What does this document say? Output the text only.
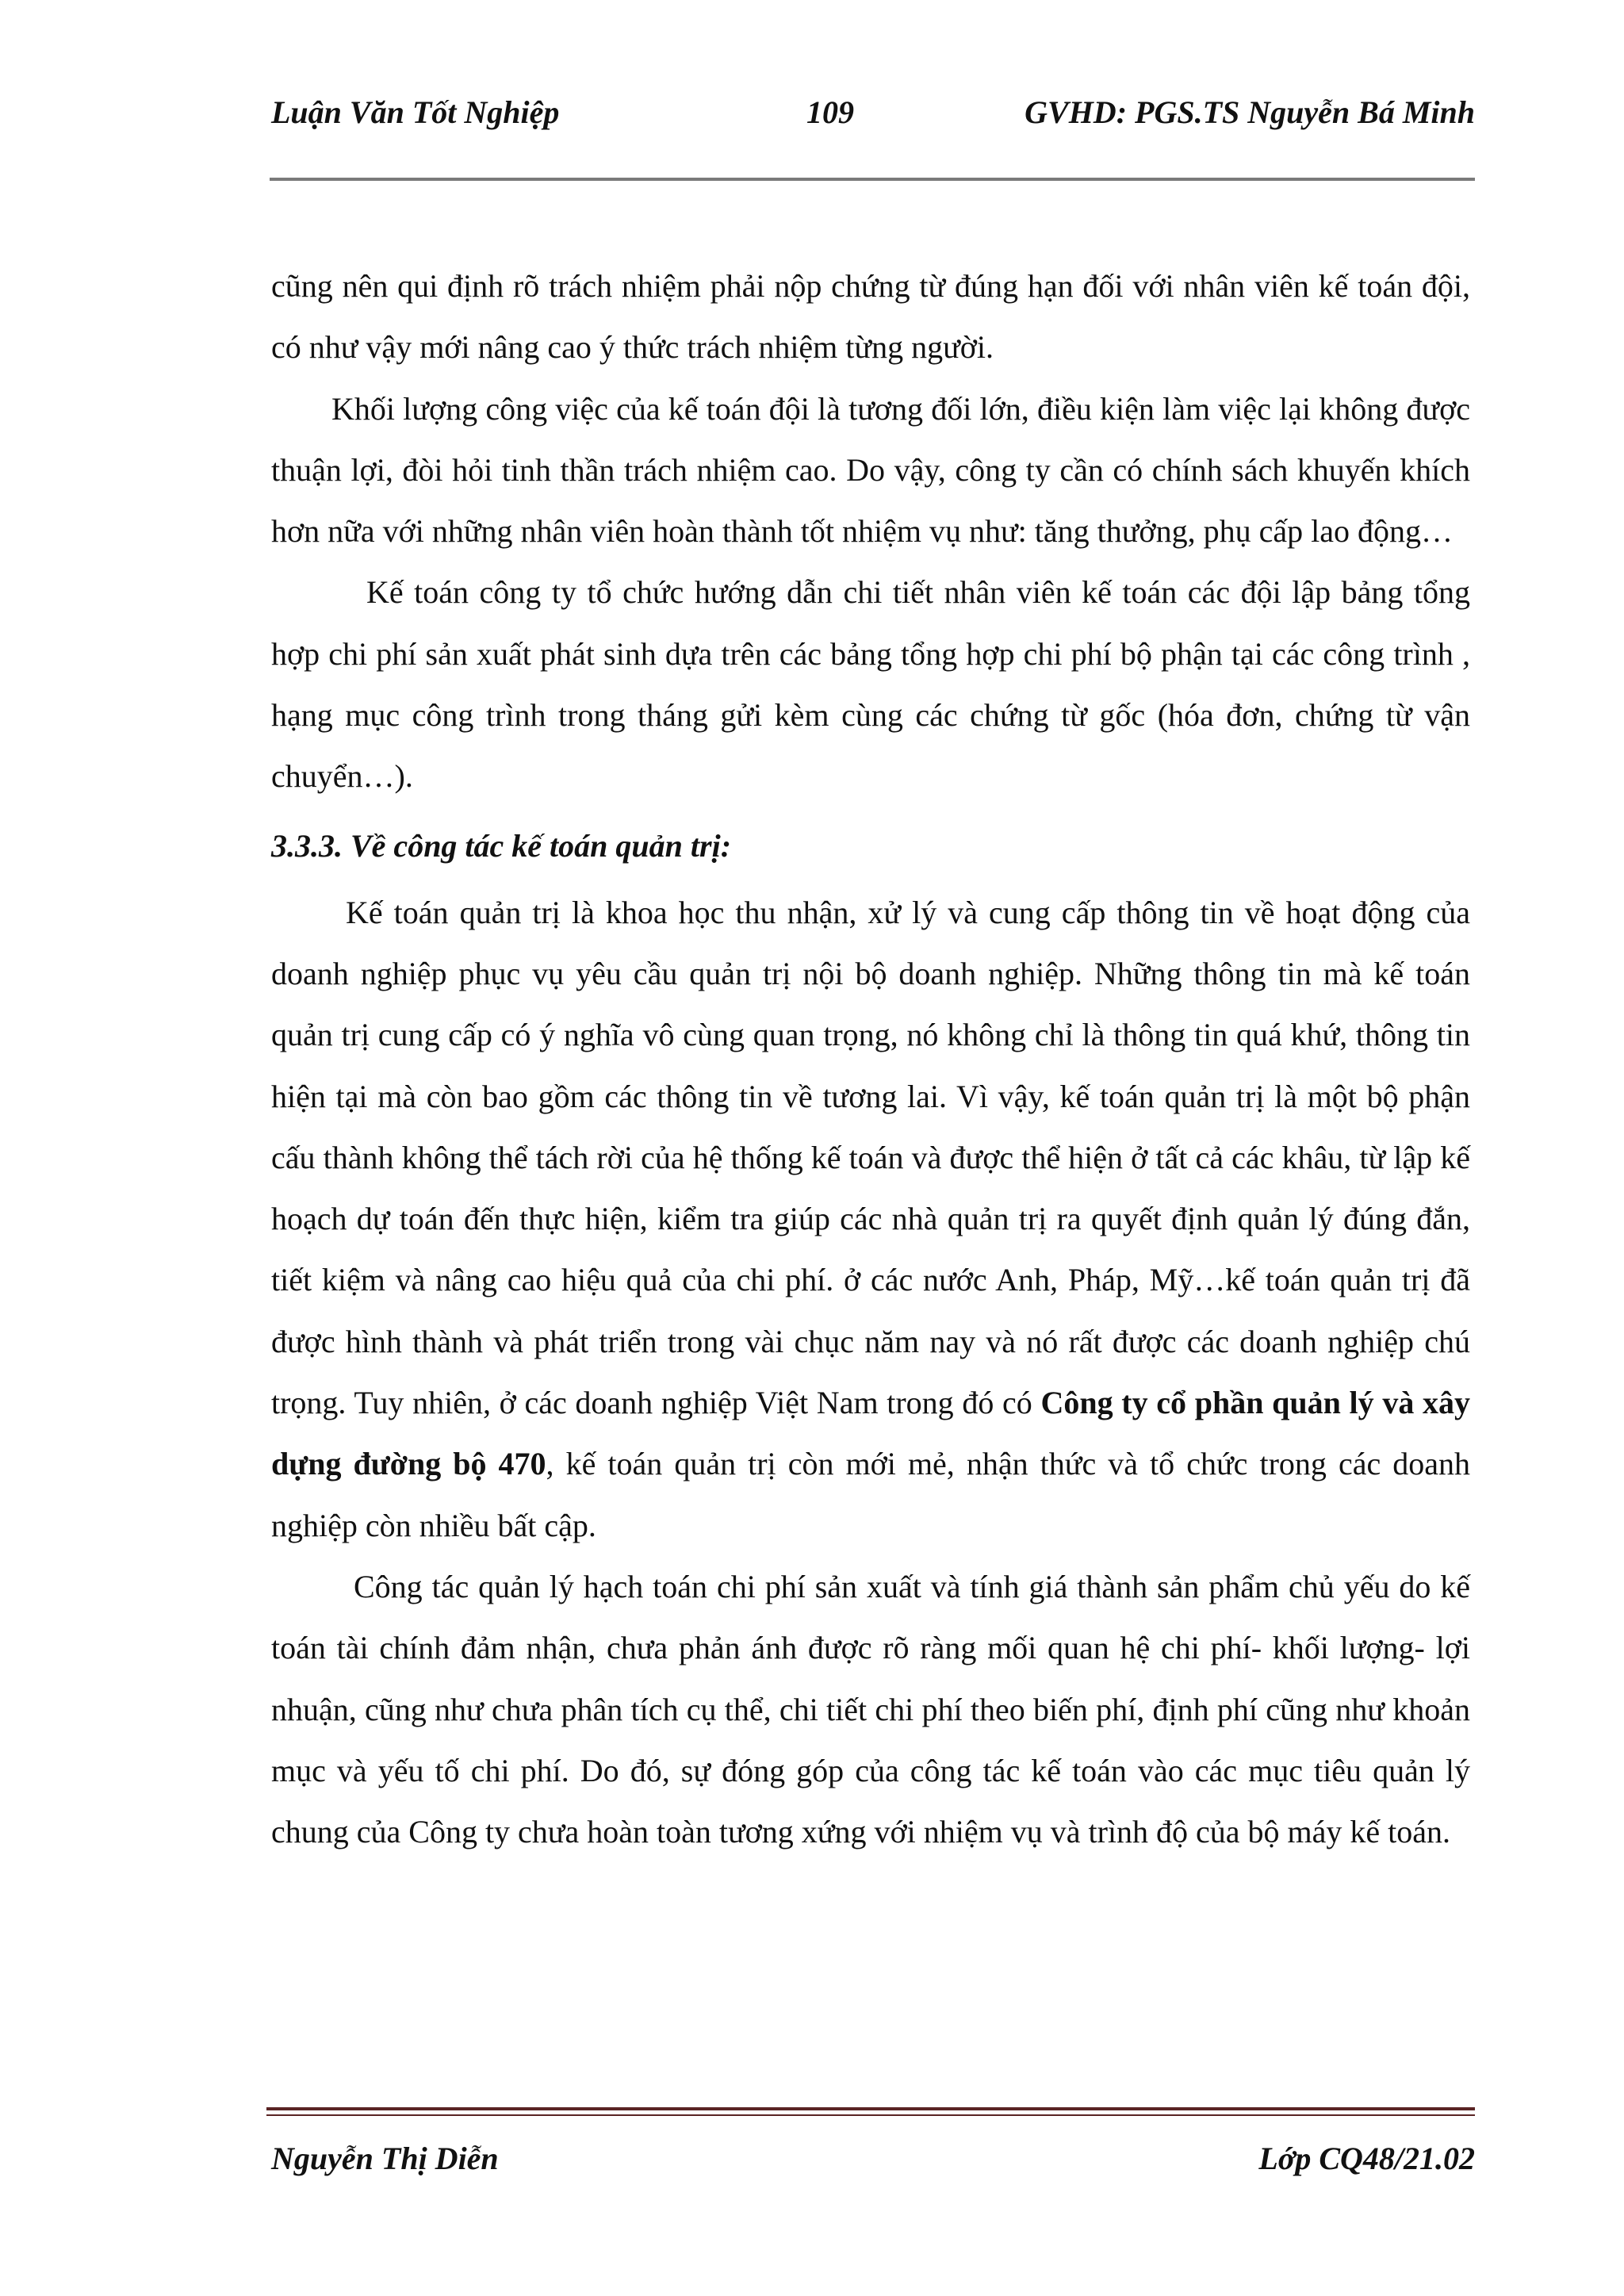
Luận Văn Tốt Nghiệp	109	GVHD: PGS.TS Nguyễn Bá Minh

cũng nên qui định rõ trách nhiệm phải nộp chứng từ đúng hạn đối với nhân viên kế toán đội, có như vậy mới nâng cao ý thức trách nhiệm từng người.

Khối lượng công việc của kế toán đội là tương đối lớn, điều kiện làm việc lại không được thuận lợi, đòi hỏi tinh thần trách nhiệm cao. Do vậy, công ty cần có chính sách khuyến khích hơn nữa với những nhân viên hoàn thành tốt nhiệm vụ như: tăng thưởng, phụ cấp lao động…

Kế toán công ty tổ chức hướng dẫn chi tiết nhân viên kế toán các đội lập bảng tổng hợp chi phí sản xuất phát sinh dựa trên các bảng tổng hợp chi phí bộ phận tại các công trình , hạng mục công trình trong tháng gửi kèm cùng các chứng từ gốc (hóa đơn, chứng từ vận chuyển…).

3.3.3. Về công tác kế toán quản trị:

Kế toán quản trị là khoa học thu nhận, xử lý và cung cấp thông tin về hoạt động của doanh nghiệp phục vụ yêu cầu quản trị nội bộ doanh nghiệp. Những thông tin mà kế toán quản trị cung cấp có ý nghĩa vô cùng quan trọng, nó không chỉ là thông tin quá khứ, thông tin hiện tại mà còn bao gồm các thông tin về tương lai. Vì vậy, kế toán quản trị là một bộ phận cấu thành không thể tách rời của hệ thống kế toán và được thể hiện ở tất cả các khâu, từ lập kế hoạch dự toán đến thực hiện, kiểm tra giúp các nhà quản trị ra quyết định quản lý đúng đắn, tiết kiệm và nâng cao hiệu quả của chi phí. ở các nước Anh, Pháp, Mỹ…kế toán quản trị đã được hình thành và phát triển trong vài chục năm nay và nó rất được các doanh nghiệp chú trọng. Tuy nhiên, ở các doanh nghiệp Việt Nam trong đó có Công ty cổ phần quản lý và xây dựng đường bộ 470, kế toán quản trị còn mới mẻ, nhận thức và tổ chức trong các doanh nghiệp còn nhiều bất cập.

Công tác quản lý hạch toán chi phí sản xuất và tính giá thành sản phẩm chủ yếu do kế toán tài chính đảm nhận, chưa phản ánh được rõ ràng mối quan hệ chi phí- khối lượng- lợi nhuận, cũng như chưa phân tích cụ thể, chi tiết chi phí theo biến phí, định phí cũng như khoản mục và yếu tố chi phí. Do đó, sự đóng góp của công tác kế toán vào các mục tiêu quản lý chung của Công ty chưa hoàn toàn tương xứng với nhiệm vụ và trình độ của bộ máy kế toán.

Nguyễn Thị Diễn	Lớp CQ48/21.02
